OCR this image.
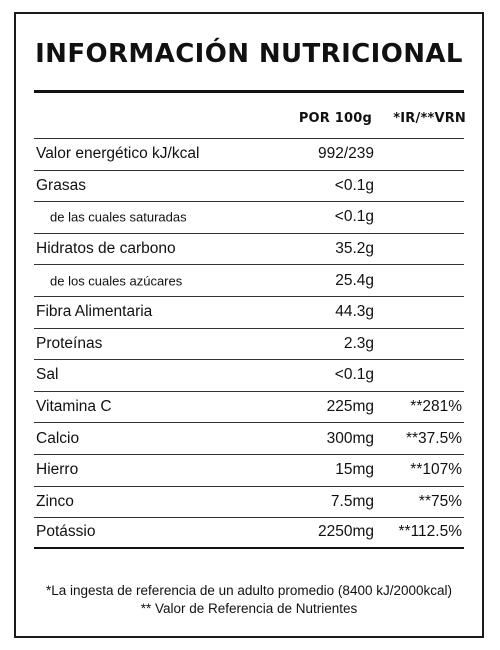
INFORMACIÓN NUTRICIONAL
POR 100g *IR/**VRN
Valor energético kJ/kcal	992/239
Grasas	<0.1g
de las cuales saturadas	<0.1g
Hidratos de carbono	35.2g
de los cuales azúcares	25.4g
Fibra Alimentaria	44.3g
Proteínas	2.3g
Sal	<0.1g
Vitamina C	225mg **281%
Calcio	300mg **37.5%
Hierro	15mg **107%
Zinco	7.5mg	**75%
Potássio	2250mg **112.5%
*La ingesta de referencia de un adulto promedio (8400 kJ/2000kcal)
** Valor de Referencia de Nutrientes
